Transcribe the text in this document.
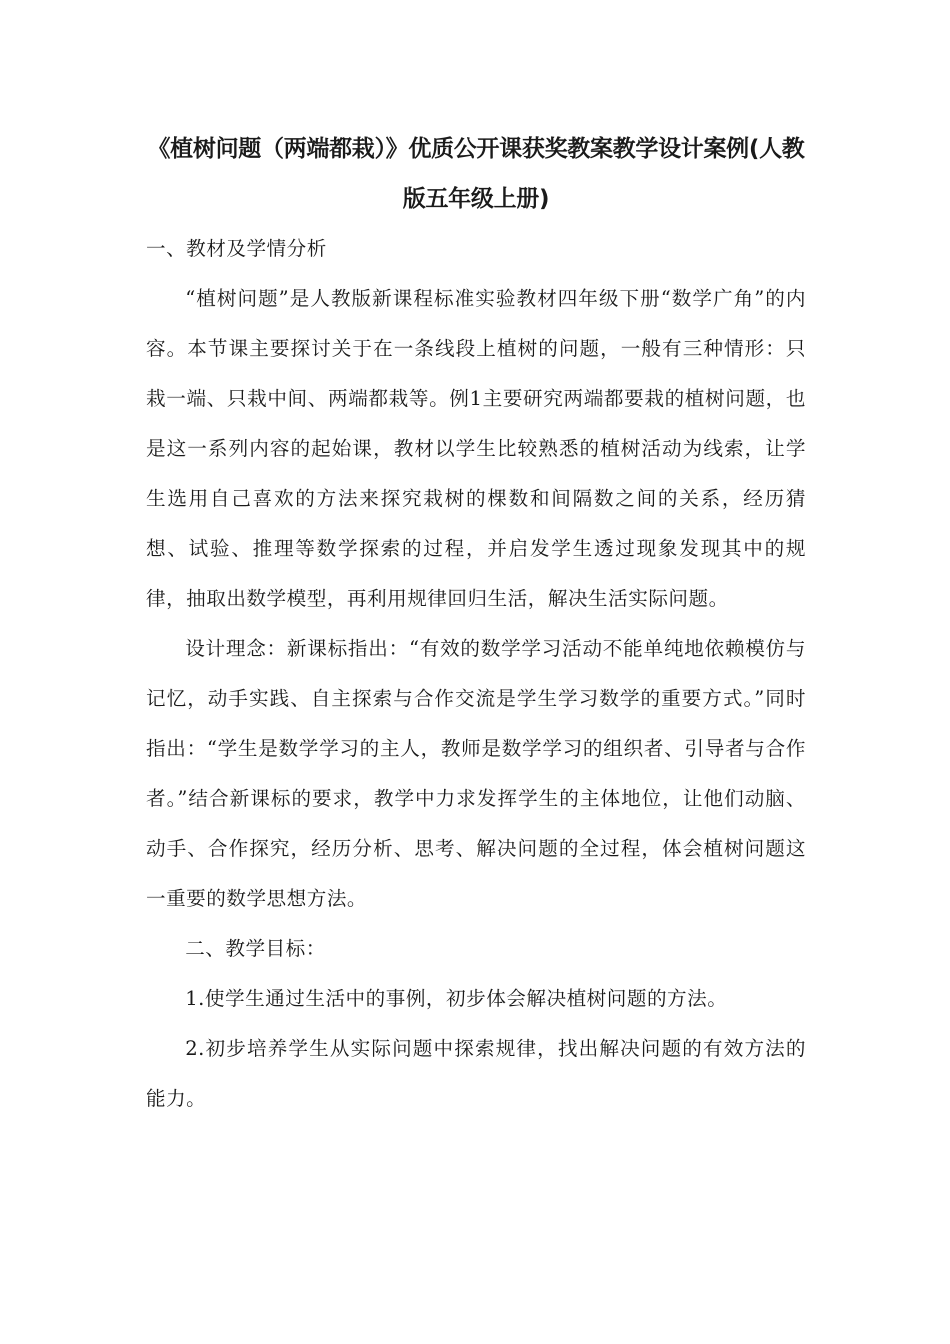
《植树问题（两端都栽）》优质公开课获奖教案教学设计案例(人教版五年级上册)

一、教材及学情分析

“植树问题”是人教版新课程标准实验教材四年级下册“数学广角”的内容。本节课主要探讨关于在一条线段上植树的问题，一般有三种情形：只栽一端、只栽中间、两端都栽等。例1主要研究两端都要栽的植树问题，也是这一系列内容的起始课，教材以学生比较熟悉的植树活动为线索，让学生选用自己喜欢的方法来探究栽树的棵数和间隔数之间的关系，经历猜想、试验、推理等数学探索的过程，并启发学生透过现象发现其中的规律，抽取出数学模型，再利用规律回归生活，解决生活实际问题。

设计理念：新课标指出：“有效的数学学习活动不能单纯地依赖模仿与记忆，动手实践、自主探索与合作交流是学生学习数学的重要方式。”同时指出：“学生是数学学习的主人，教师是数学学习的组织者、引导者与合作者。”结合新课标的要求，教学中力求发挥学生的主体地位，让他们动脑、动手、合作探究，经历分析、思考、解决问题的全过程，体会植树问题这一重要的数学思想方法。

二、教学目标：

1.使学生通过生活中的事例，初步体会解决植树问题的方法。

2.初步培养学生从实际问题中探索规律，找出解决问题的有效方法的能力。
